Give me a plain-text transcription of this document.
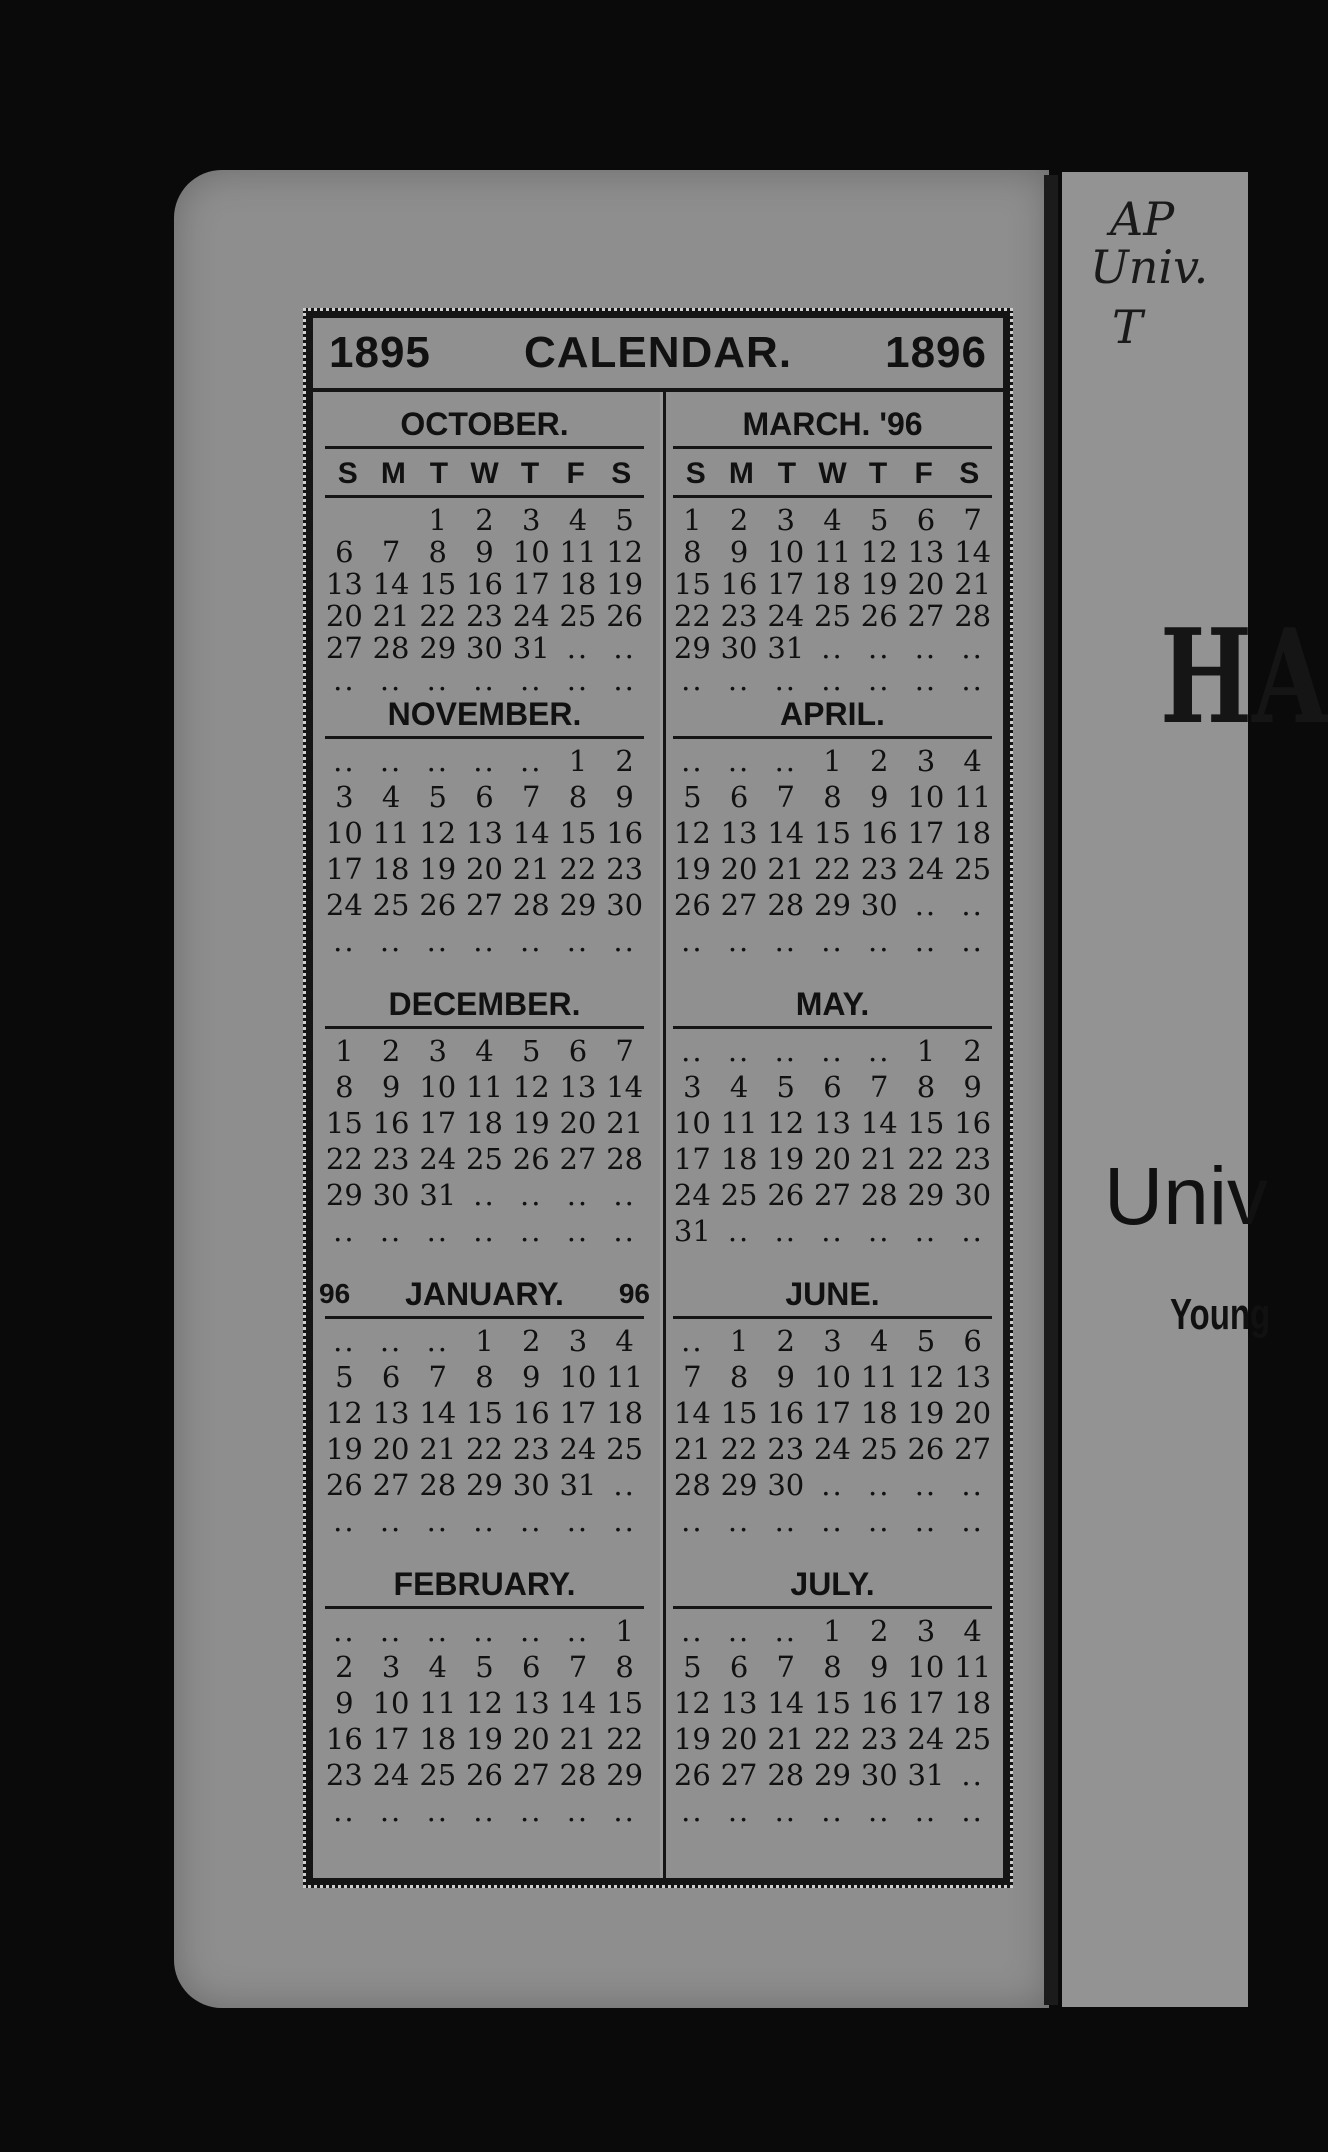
AP
Univ.
T
HA
Univ
Young
1895 CALENDAR. 1896
OCTOBER.
S M T W T F S
1 2 3 4 5
6 7 8 9 10 11 12
13 14 15 16 17 18 19
20 21 22 23 24 25 26
27 28 29 30 31 .. ..
.. .. .. .. .. .. ..
NOVEMBER.
.. .. .. .. .. 1 2
3 4 5 6 7 8 9
10 11 12 13 14 15 16
17 18 19 20 21 22 23
24 25 26 27 28 29 30
.. .. .. .. .. .. ..
DECEMBER.
1 2 3 4 5 6 7
8 9 10 11 12 13 14
15 16 17 18 19 20 21
22 23 24 25 26 27 28
29 30 31 .. .. .. ..
.. .. .. .. .. .. ..
JANUARY.
96	96
.. .. .. 1 2 3 4
5 6 7 8 9 10 11
12 13 14 15 16 17 18
19 20 21 22 23 24 25
26 27 28 29 30 31 ..
.. .. .. .. .. .. ..
FEBRUARY.
.. .. .. .. .. .. 1
2 3 4 5 6 7 8
9 10 11 12 13 14 15
16 17 18 19 20 21 22
23 24 25 26 27 28 29
.. .. .. .. .. .. ..
MARCH. '96
S M T W T F S
1 2 3 4 5 6 7
8 9 10 11 12 13 14
15 16 17 18 19 20 21
22 23 24 25 26 27 28
29 30 31 .. .. .. ..
.. .. .. .. .. .. ..
APRIL.
.. .. .. 1 2 3 4
5 6 7 8 9 10 11
12 13 14 15 16 17 18
19 20 21 22 23 24 25
26 27 28 29 30 .. ..
.. .. .. .. .. .. ..
MAY.
.. .. .. .. .. 1 2
3 4 5 6 7 8 9
10 11 12 13 14 15 16
17 18 19 20 21 22 23
24 25 26 27 28 29 30
31 .. .. .. .. .. ..
JUNE.
.. 1 2 3 4 5 6
7 8 9 10 11 12 13
14 15 16 17 18 19 20
21 22 23 24 25 26 27
28 29 30 .. .. .. ..
.. .. .. .. .. .. ..
JULY.
.. .. .. 1 2 3 4
5 6 7 8 9 10 11
12 13 14 15 16 17 18
19 20 21 22 23 24 25
26 27 28 29 30 31 ..
.. .. .. .. .. .. ..
